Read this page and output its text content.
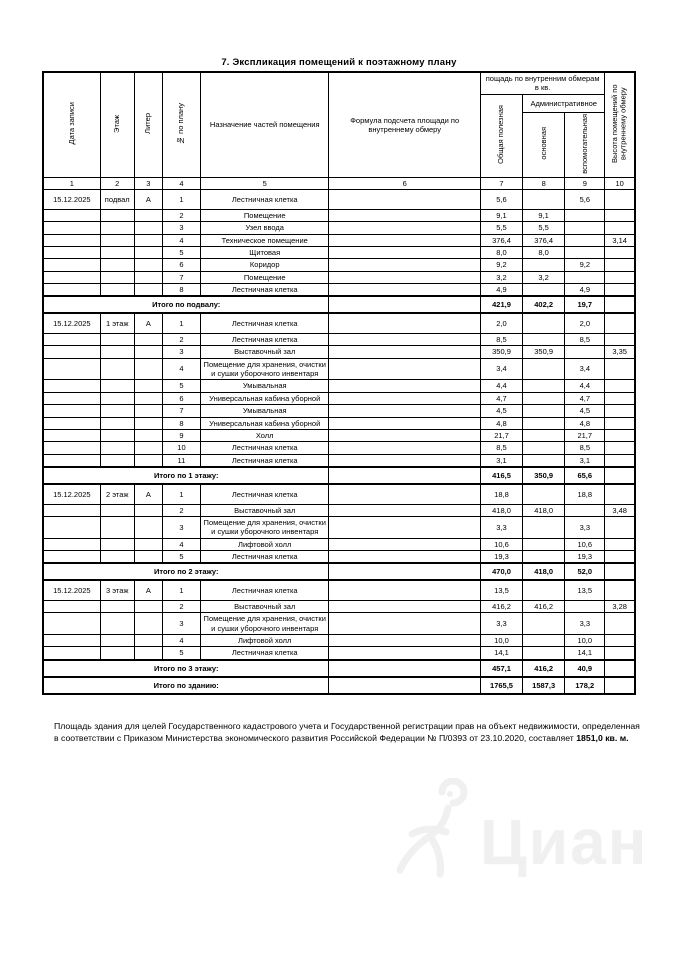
7. Экспликация помещений к поэтажному плану
Дата записи	Этаж	Литер	№ по плану	Назначение частей помещения	Формула подсчета площади по внутреннему обмеру	пощадь по внутренним обмерам в кв.			Высота помещений по внутреннему обмеру
						Общая полезная	Административное		
							основная	вспомогательная	
1	2	3	4	5	6	7	8	9	10
15.12.2025	подвал	А	1	Лестничная клетка		5,6		5,6	
			2	Помещение		9,1	9,1		
			3	Узел ввода		5,5	5,5		
			4	Техническое помещение		376,4	376,4		3,14
			5	Щитовая		8,0	8,0		
			6	Коридор		9,2		9,2	
			7	Помещение		3,2	3,2		
			8	Лестничная клетка		4,9		4,9	
Итого по подвалу:						421,9	402,2	19,7	
15.12.2025	1 этаж	А	1	Лестничная клетка		2,0		2,0	
			2	Лестничная клетка		8,5		8,5	
			3	Выставочный зал		350,9	350,9		3,35
			4	Помещение для хранения, очистки и сушки уборочного инвентаря		3,4		3,4	
			5	Умывальная		4,4		4,4	
			6	Универсальная кабина уборной		4,7		4,7	
			7	Умывальная		4,5		4,5	
			8	Универсальная кабина уборной		4,8		4,8	
			9	Холл		21,7		21,7	
			10	Лестничная клетка		8,5		8,5	
			11	Лестничная клетка		3,1		3,1	
Итого по 1 этажу:						416,5	350,9	65,6	
15.12.2025	2 этаж	А	1	Лестничная клетка		18,8		18,8	
			2	Выставочный зал		418,0	418,0		3,48
			3	Помещение для хранения, очистки и сушки уборочного инвентаря		3,3		3,3	
			4	Лифтовой холл		10,6		10,6	
			5	Лестничная клетка		19,3		19,3	
Итого по 2 этажу:						470,0	418,0	52,0	
15.12.2025	3 этаж	А	1	Лестничная клетка		13,5		13,5	
			2	Выставочный зал		416,2	416,2		3,28
			3	Помещение для хранения, очистки и сушки уборочного инвентаря		3,3		3,3	
			4	Лифтовой холл		10,0		10,0	
			5	Лестничная клетка		14,1		14,1	
Итого по 3 этажу:						457,1	416,2	40,9	
Итого по зданию:						1765,5	1587,3	178,2	

Площадь здания для целей Государственного кадастрового учета и Государственной регистрации прав на объект недвижимости, определенная в соответствии с Приказом Министерства экономического развития Российской Федерации № П/0393 от 23.10.2020, составляет 1851,0 кв. м.

Циан
